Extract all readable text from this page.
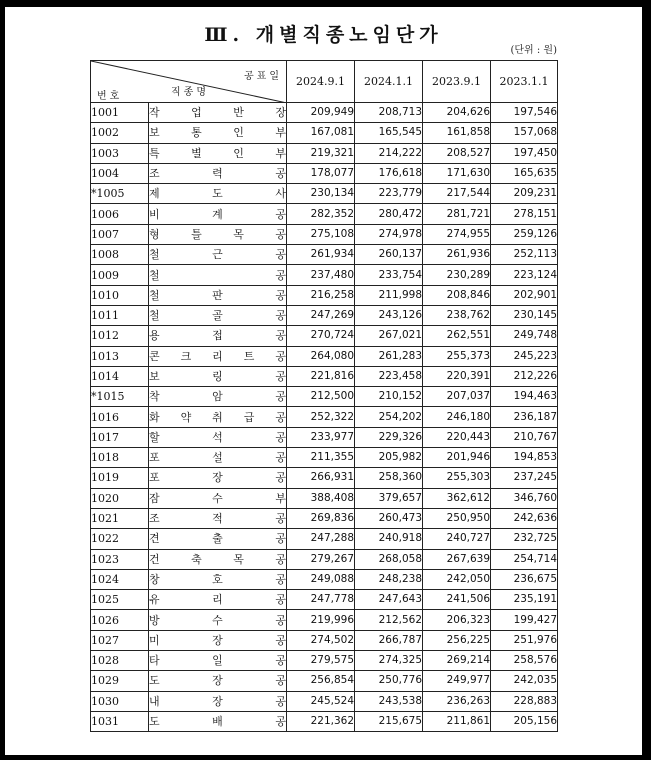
Ⅲ. 개별직종노임단가
(단위 : 원)
공표일
직종명
번호		2024.9.1	2024.1.1	2023.9.1	2023.1.1
1001	작 업 반 장	209,949	208,713	204,626	197,546
1002	보 통 인 부	167,081	165,545	161,858	157,068
1003	특 별 인 부	219,321	214,222	208,527	197,450
1004	조 력 공	178,077	176,618	171,630	165,635
*1005	제 도 사	230,134	223,779	217,544	209,231
1006	비 계 공	282,352	280,472	281,721	278,151
1007	형 틀 목 공	275,108	274,978	274,955	259,126
1008	철 근 공	261,934	260,137	261,936	252,113
1009	철 공	237,480	233,754	230,289	223,124
1010	철 판 공	216,258	211,998	208,846	202,901
1011	철 골 공	247,269	243,126	238,762	230,145
1012	용 접 공	270,724	267,021	262,551	249,748
1013	콘 크 리 트 공	264,080	261,283	255,373	245,223
1014	보 링 공	221,816	223,458	220,391	212,226
*1015	착 암 공	212,500	210,152	207,037	194,463
1016	화 약 취 급 공	252,322	254,202	246,180	236,187
1017	할 석 공	233,977	229,326	220,443	210,767
1018	포 설 공	211,355	205,982	201,946	194,853
1019	포 장 공	266,931	258,360	255,303	237,245
1020	잠 수 부	388,408	379,657	362,612	346,760
1021	조 적 공	269,836	260,473	250,950	242,636
1022	견 출 공	247,288	240,918	240,727	232,725
1023	건 축 목 공	279,267	268,058	267,639	254,714
1024	창 호 공	249,088	248,238	242,050	236,675
1025	유 리 공	247,778	247,643	241,506	235,191
1026	방 수 공	219,996	212,562	206,323	199,427
1027	미 장 공	274,502	266,787	256,225	251,976
1028	타 일 공	279,575	274,325	269,214	258,576
1029	도 장 공	256,854	250,776	249,977	242,035
1030	내 장 공	245,524	243,538	236,263	228,883
1031	도 배 공	221,362	215,675	211,861	205,156
